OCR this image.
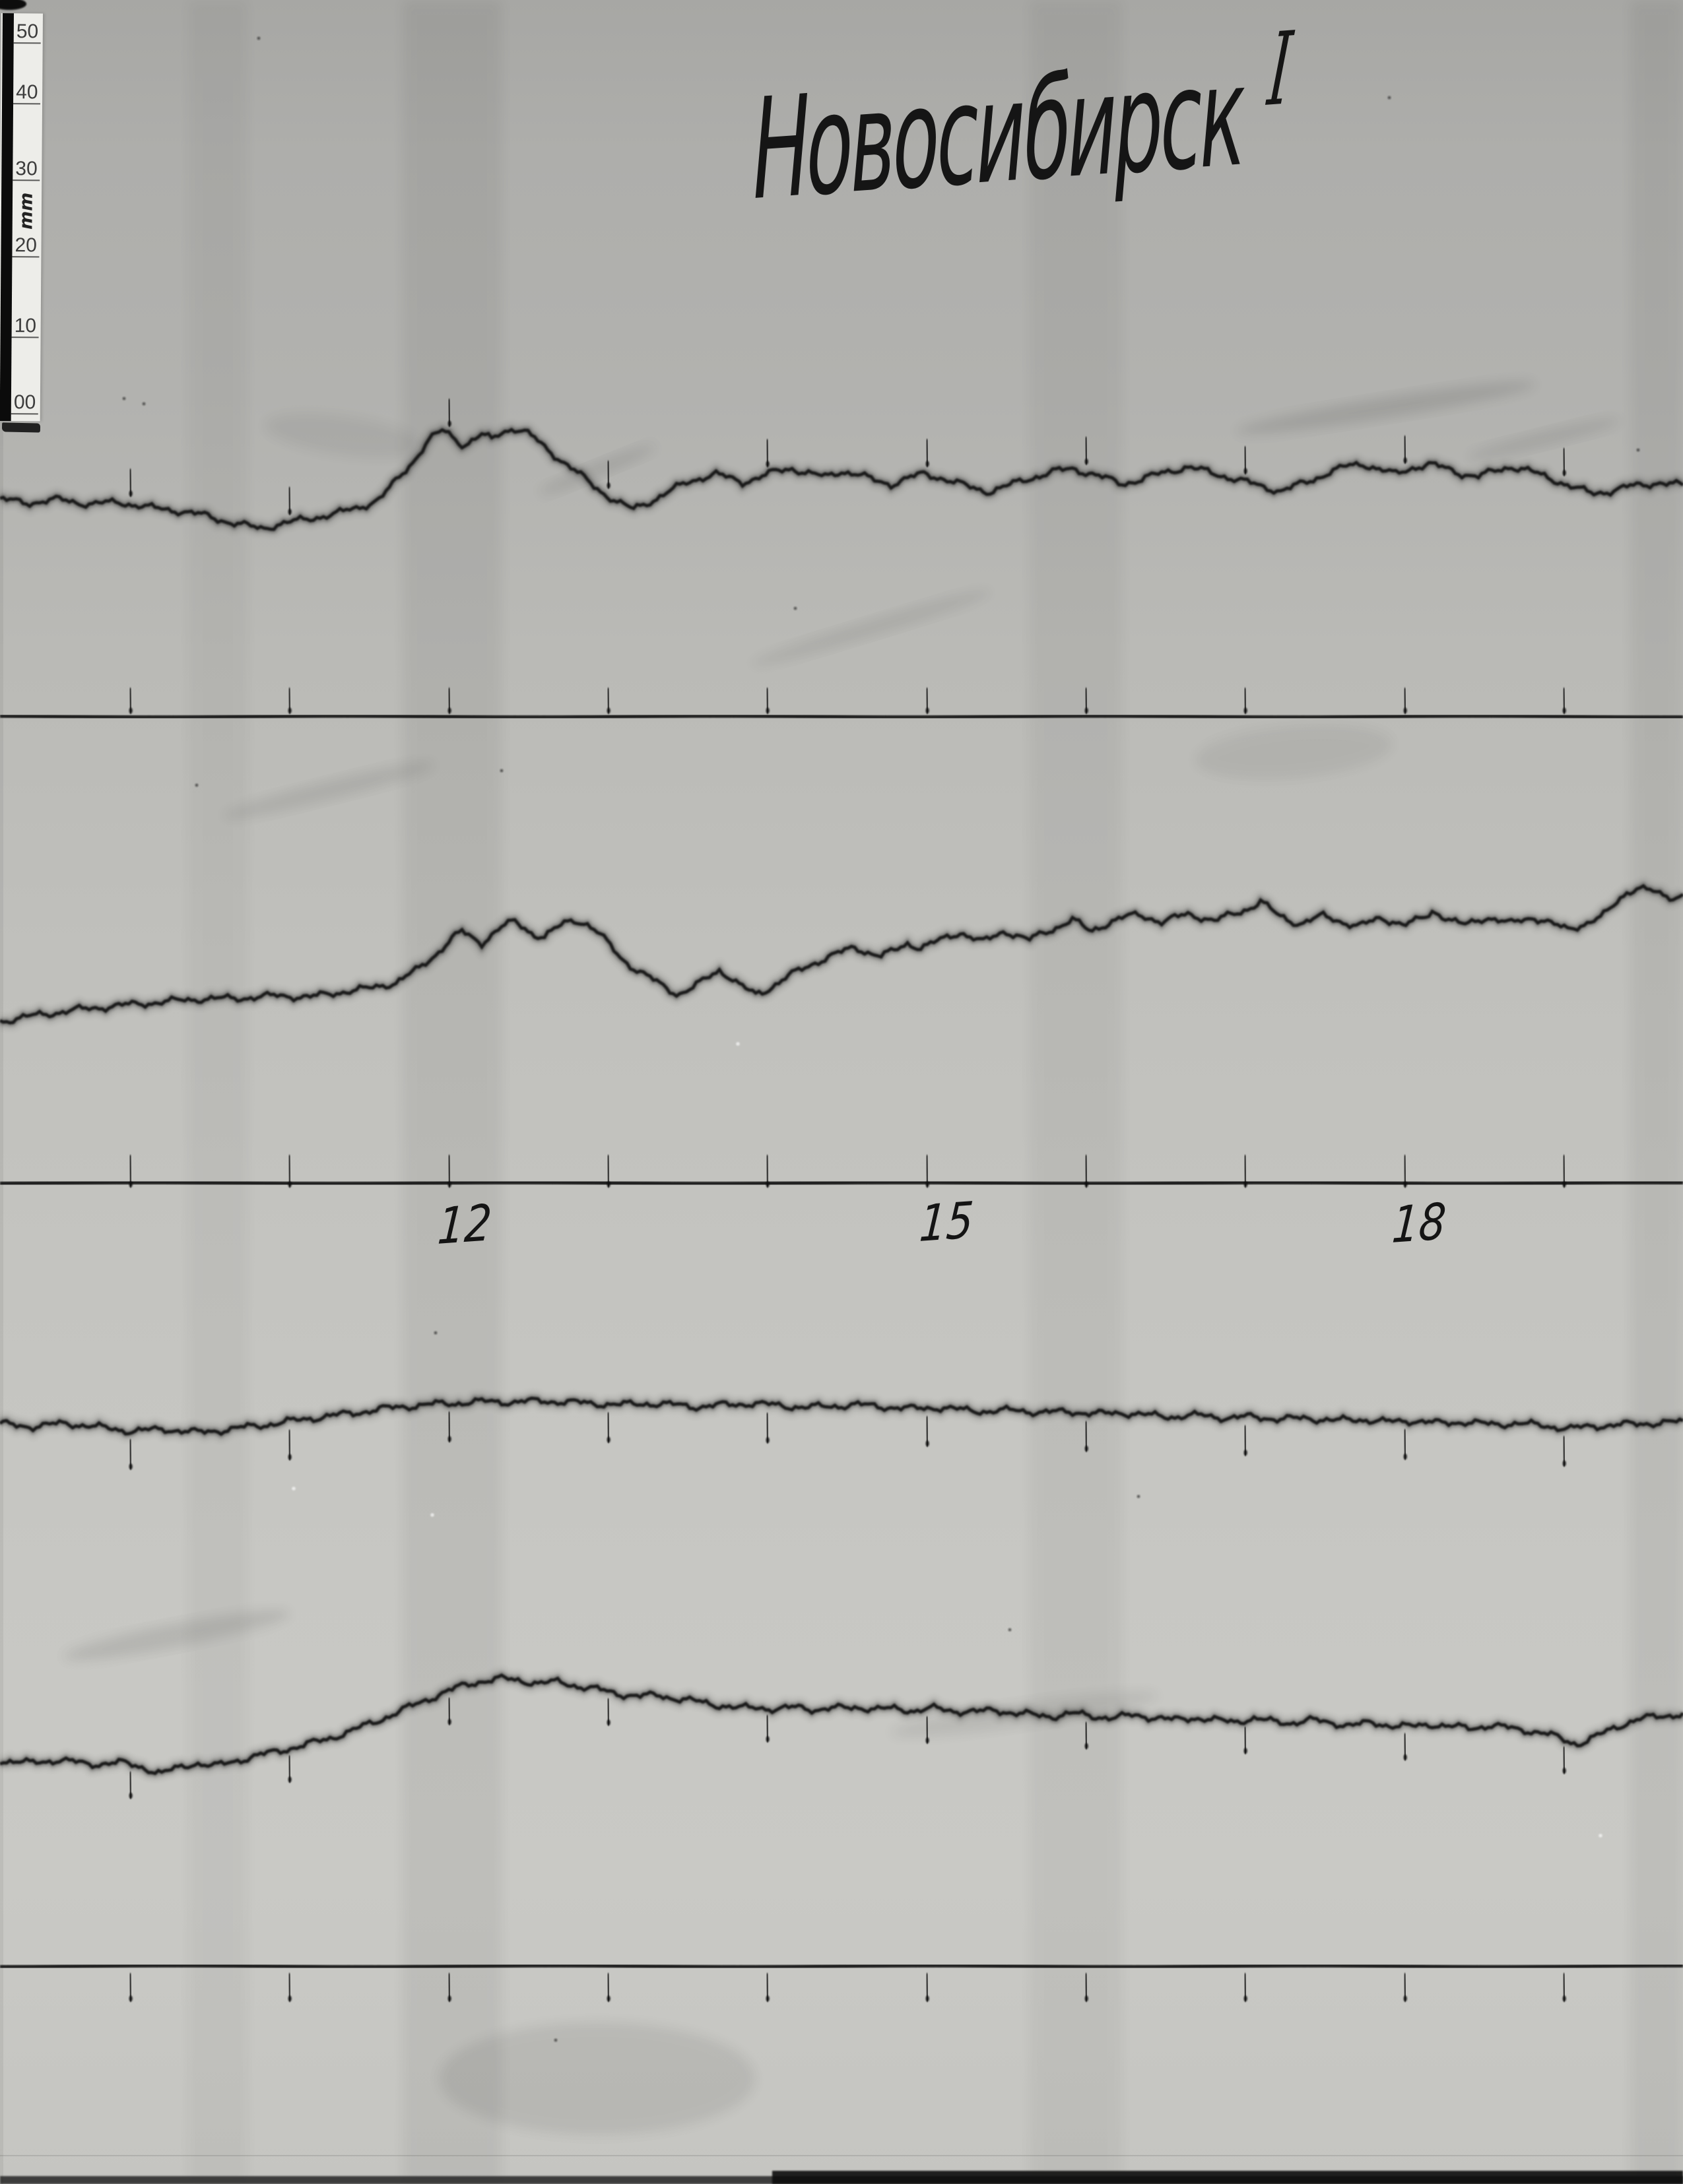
50
40
30
20
10
00
mm	Новосибирск I
12	15	18
